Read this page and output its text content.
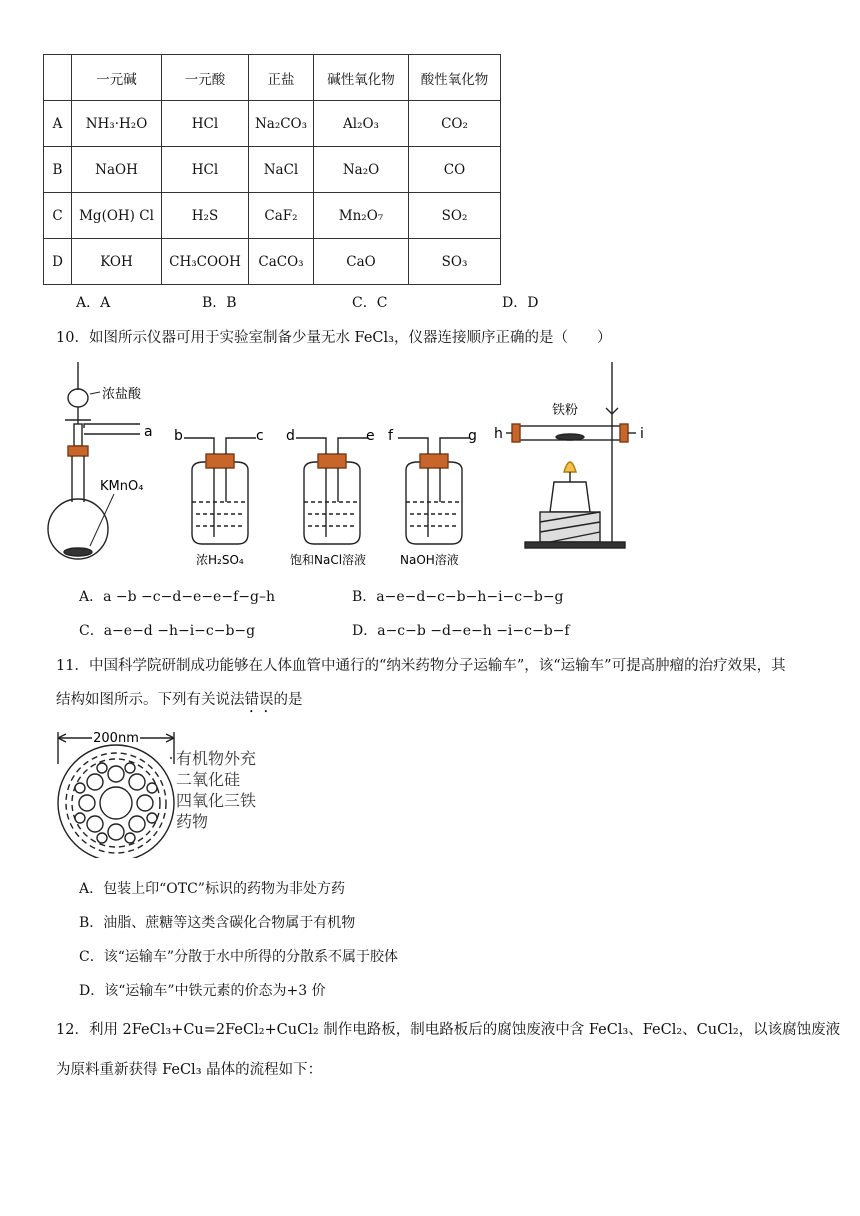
	一元碱	一元酸	正盐	碱性氧化物	酸性氧化物
A	NH₃·H₂O	HCl	Na₂CO₃	Al₂O₃	CO₂
B	NaOH	HCl	NaCl	Na₂O	CO
C	Mg(OH) Cl	H₂S	CaF₂	Mn₂O₇	SO₂
D	KOH	CH₃COOH	CaCO₃	CaO	SO₃
A．A	B．B	C．C	D．D
10．如图所示仪器可用于实验室制备少量无水 FeCl₃，仪器连接顺序正确的是（　　）
浓盐酸
a
KMnO₄
b	c
浓H₂SO₄
d	e
饱和NaCl溶液
f	g
NaOH溶液
铁粉
h	i
A．a −b −c−d−e−e−f−g–h	B．a−e−d−c−b−h−i−c−b−g
C．a−e−d −h−i−c−b−g	D．a−c−b −d−e−h −i−c−b−f
11．中国科学院研制成功能够在人体血管中通行的“纳米药物分子运输车”，该“运输车”可提高肿瘤的治疗效果，其
结构如图所示。下列有关说法错误的是
200nm
有机物外充
二氧化硅
四氧化三铁
药物
A．包装上印“OTC”标识的药物为非处方药
B．油脂、蔗糖等这类含碳化合物属于有机物
C．该“运输车”分散于水中所得的分散系不属于胶体
D．该“运输车”中铁元素的价态为+3 价
12．利用 2FeCl₃+Cu=2FeCl₂+CuCl₂ 制作电路板，制电路板后的腐蚀废液中含 FeCl₃、FeCl₂、CuCl₂，以该腐蚀废液
为原料重新获得 FeCl₃ 晶体的流程如下：
